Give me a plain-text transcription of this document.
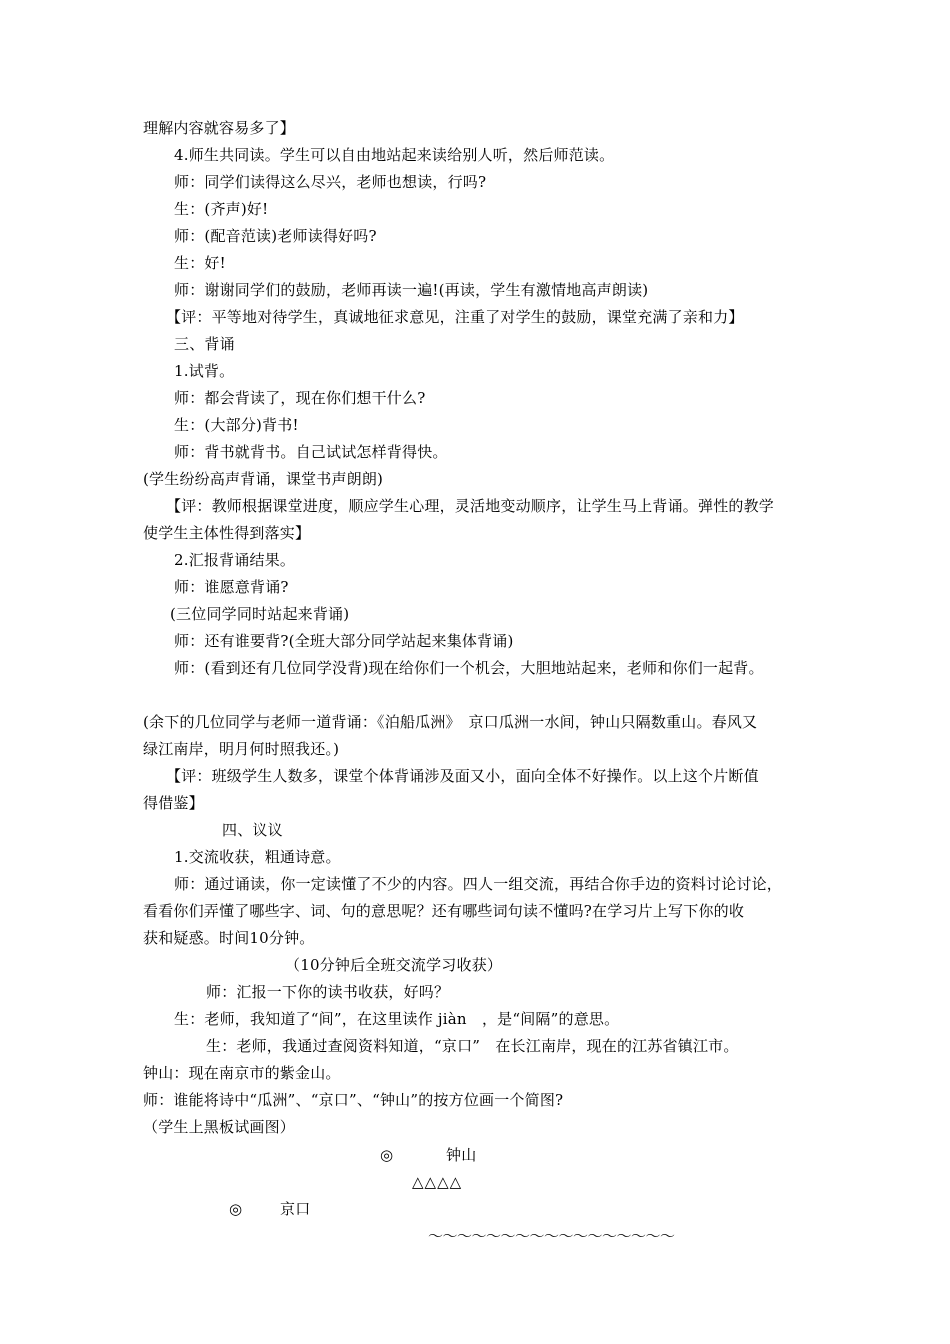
理解内容就容易多了】
4.师生共同读。学生可以自由地站起来读给别人听，然后师范读。
师：同学们读得这么尽兴，老师也想读，行吗?
生：(齐声)好!
师：(配音范读)老师读得好吗?
生：好!
师：谢谢同学们的鼓励，老师再读一遍!(再读，学生有激情地高声朗读)
【评：平等地对待学生，真诚地征求意见，注重了对学生的鼓励，课堂充满了亲和力】
三、背诵
1.试背。
师：都会背读了，现在你们想干什么?
生：(大部分)背书!
师：背书就背书。自己试试怎样背得快。
(学生纷纷高声背诵，课堂书声朗朗)
【评：教师根据课堂进度，顺应学生心理，灵活地变动顺序，让学生马上背诵。弹性的教学
使学生主体性得到落实】
2.汇报背诵结果。
师：谁愿意背诵?
(三位同学同时站起来背诵)
师：还有谁要背?(全班大部分同学站起来集体背诵)
师：(看到还有几位同学没背)现在给你们一个机会，大胆地站起来，老师和你们一起背。
(余下的几位同学与老师一道背诵：《泊船瓜洲》　京口瓜洲一水间，钟山只隔数重山。春风又
绿江南岸，明月何时照我还。)
【评：班级学生人数多，课堂个体背诵涉及面又小，面向全体不好操作。以上这个片断值
得借鉴】
四、议议
1.交流收获，粗通诗意。
师：通过诵读，你一定读懂了不少的内容。四人一组交流，再结合你手边的资料讨论讨论，
看看你们弄懂了哪些字、词、句的意思呢？还有哪些词句读不懂吗?在学习片上写下你的收
获和疑惑。时间10分钟。
（10分钟后全班交流学习收获）
师：汇报一下你的读书收获，好吗？
生：老师，我知道了“间”，在这里读作 jiàn　，是“间隔”的意思。
生：老师，我通过查阅资料知道，“京口”　在长江南岸，现在的江苏省镇江市。
钟山：现在南京市的紫金山。
师：谁能将诗中“瓜洲”、“京口”、“钟山”的按方位画一个简图?
（学生上黑板试画图）
◎	钟山
△△△△
◎	京口
～～～～～～～～～～～～～～～～～
